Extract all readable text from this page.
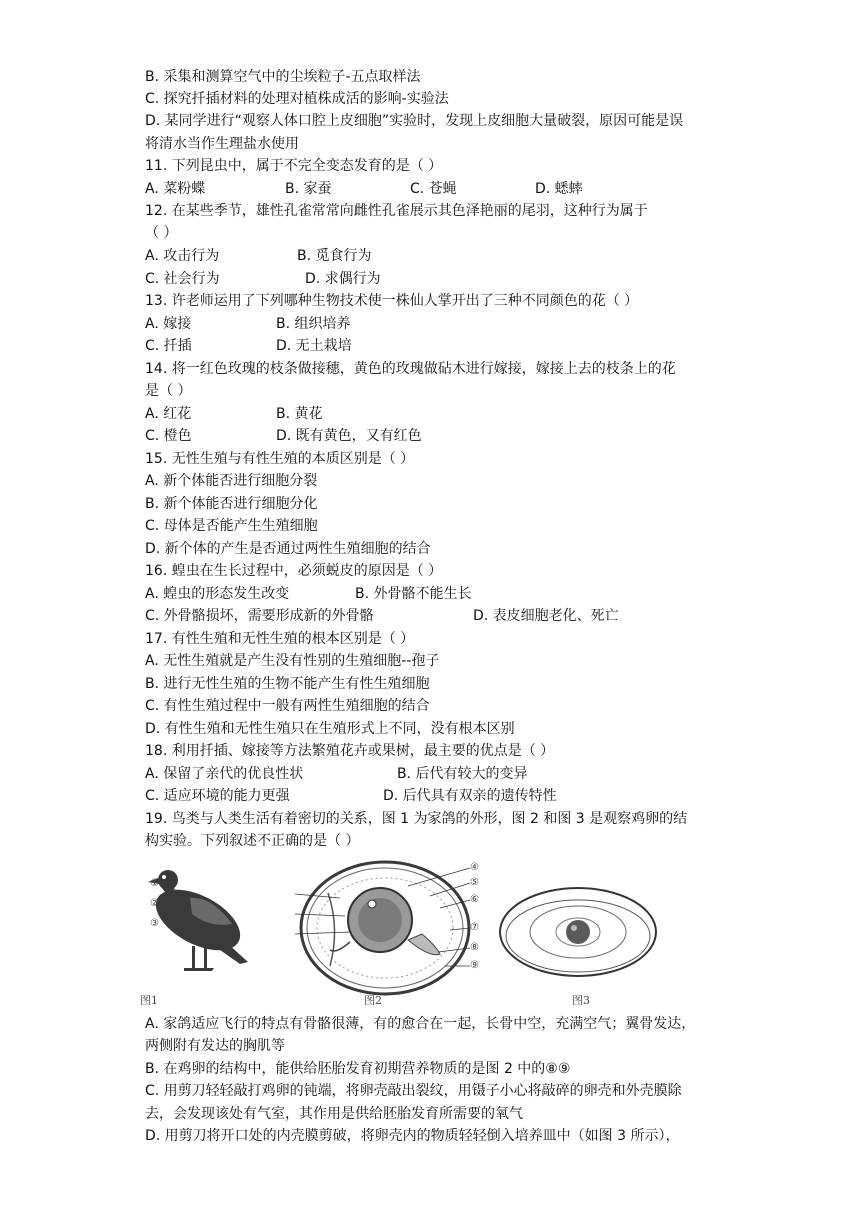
B. 采集和测算空气中的尘埃粒子-五点取样法
C. 探究扦插材料的处理对植株成活的影响-实验法
D. 某同学进行“观察人体口腔上皮细胞”实验时，发现上皮细胞大量破裂，原因可能是误
将清水当作生理盐水使用
11. 下列昆虫中，属于不完全变态发育的是（ ）
A. 菜粉蝶	B. 家蚕	C. 苍蝇	D. 蟋蟀
12. 在某些季节，雄性孔雀常常向雌性孔雀展示其色泽艳丽的尾羽，这种行为属于
（ ）
A. 攻击行为	B. 觅食行为
C. 社会行为	D. 求偶行为
13. 许老师运用了下列哪种生物技术使一株仙人掌开出了三种不同颜色的花（ ）
A. 嫁接	B. 组织培养
C. 扦插	D. 无土栽培
14. 将一红色玫瑰的枝条做接穗，黄色的玫瑰做砧木进行嫁接，嫁接上去的枝条上的花
是（ ）
A. 红花	B. 黄花
C. 橙色	D. 既有黄色，又有红色
15. 无性生殖与有性生殖的本质区别是（ ）
A. 新个体能否进行细胞分裂
B. 新个体能否进行细胞分化
C. 母体是否能产生生殖细胞
D. 新个体的产生是否通过两性生殖细胞的结合
16. 蝗虫在生长过程中，必须蜕皮的原因是（ ）
A. 蝗虫的形态发生改变	B. 外骨骼不能生长
C. 外骨骼损坏，需要形成新的外骨骼	D. 表皮细胞老化、死亡
17. 有性生殖和无性生殖的根本区别是（ ）
A. 无性生殖就是产生没有性别的生殖细胞--孢子
B. 进行无性生殖的生物不能产生有性生殖细胞
C. 有性生殖过程中一般有两性生殖细胞的结合
D. 有性生殖和无性生殖只在生殖形式上不同，没有根本区别
18. 利用扦插、嫁接等方法繁殖花卉或果树，最主要的优点是（ ）
A. 保留了亲代的优良性状	B. 后代有较大的变异
C. 适应环境的能力更强	D. 后代具有双亲的遗传特性
19. 鸟类与人类生活有着密切的关系，图 1 为家鸽的外形，图 2 和图 3 是观察鸡卵的结
构实验。下列叙述不正确的是（ ）
①
②
③
图1	图2	图3
④
⑤
⑥
⑦
⑧
⑨
A. 家鸽适应飞行的特点有骨骼很薄，有的愈合在一起，长骨中空，充满空气；翼骨发达，
两侧附有发达的胸肌等
B. 在鸡卵的结构中，能供给胚胎发育初期营养物质的是图 2 中的⑧⑨
C. 用剪刀轻轻敲打鸡卵的钝端，将卵壳敲出裂纹，用镊子小心将敲碎的卵壳和外壳膜除
去，会发现该处有气室，其作用是供给胚胎发育所需要的氧气
D. 用剪刀将开口处的内壳膜剪破，将卵壳内的物质轻轻倒入培养皿中（如图 3 所示），
